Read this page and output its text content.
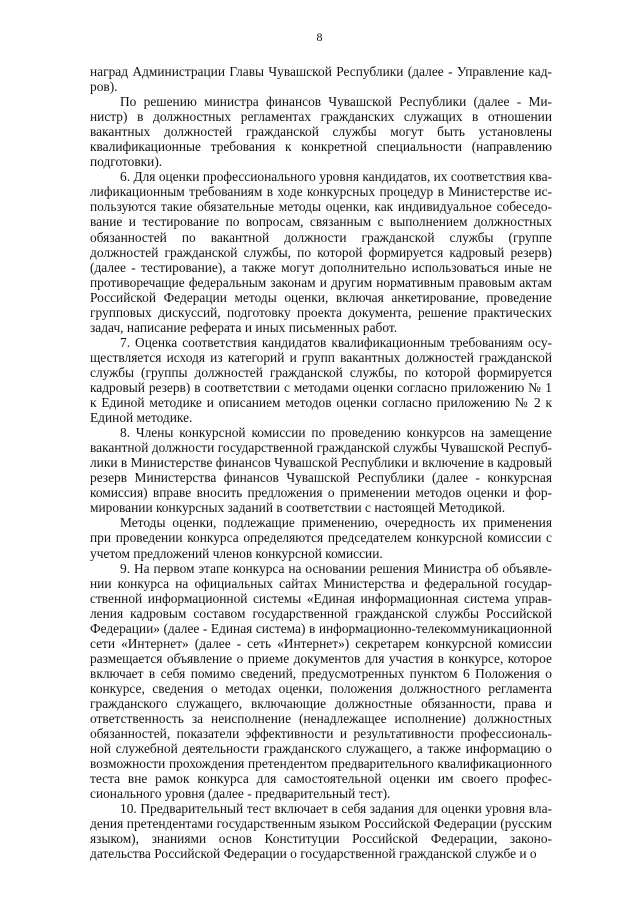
8

наград Администрации Главы Чувашской Республики (далее - Управление кадров).

По решению министра финансов Чувашской Республики (далее - Министр) в должностных регламентах гражданских служащих в отношении вакантных должностей гражданской службы могут быть установлены квалификационные требования к конкретной специальности (направлению подготовки).

6. Для оценки профессионального уровня кандидатов, их соответствия квалификационным требованиям в ходе конкурсных процедур в Министерстве используются такие обязательные методы оценки, как индивидуальное собеседование и тестирование по вопросам, связанным с выполнением должностных обязанностей по вакантной должности гражданской службы (группе должностей гражданской службы, по которой формируется кадровый резерв) (далее - тестирование), а также могут дополнительно использоваться иные не противоречащие федеральным законам и другим нормативным правовым актам Российской Федерации методы оценки, включая анкетирование, проведение групповых дискуссий, подготовку проекта документа, решение практических задач, написание реферата и иных письменных работ.

7. Оценка соответствия кандидатов квалификационным требованиям осуществляется исходя из категорий и групп вакантных должностей гражданской службы (группы должностей гражданской службы, по которой формируется кадровый резерв) в соответствии с методами оценки согласно приложению № 1 к Единой методике и описанием методов оценки согласно приложению № 2 к Единой методике.

8. Члены конкурсной комиссии по проведению конкурсов на замещение вакантной должности государственной гражданской службы Чувашской Республики в Министерстве финансов Чувашской Республики и включение в кадровый резерв Министерства финансов Чувашской Республики (далее - конкурсная комиссия) вправе вносить предложения о применении методов оценки и формировании конкурсных заданий в соответствии с настоящей Методикой.

Методы оценки, подлежащие применению, очередность их применения при проведении конкурса определяются председателем конкурсной комиссии с учетом предложений членов конкурсной комиссии.

9. На первом этапе конкурса на основании решения Министра об объявлении конкурса на официальных сайтах Министерства и федеральной государственной информационной системы «Единая информационная система управления кадровым составом государственной гражданской службы Российской Федерации» (далее - Единая система) в информационно-телекоммуникационной сети «Интернет» (далее - сеть «Интернет») секретарем конкурсной комиссии размещается объявление о приеме документов для участия в конкурсе, которое включает в себя помимо сведений, предусмотренных пунктом 6 Положения о конкурсе, сведения о методах оценки, положения должностного регламента гражданского служащего, включающие должностные обязанности, права и ответственность за неисполнение (ненадлежащее исполнение) должностных обязанностей, показатели эффективности и результативности профессиональной служебной деятельности гражданского служащего, а также информацию о возможности прохождения претендентом предварительного квалификационного теста вне рамок конкурса для самостоятельной оценки им своего профессионального уровня (далее - предварительный тест).

10. Предварительный тест включает в себя задания для оценки уровня владения претендентами государственным языком Российской Федерации (русским языком), знаниями основ Конституции Российской Федерации, законодательства Российской Федерации о государственной гражданской службе и о
